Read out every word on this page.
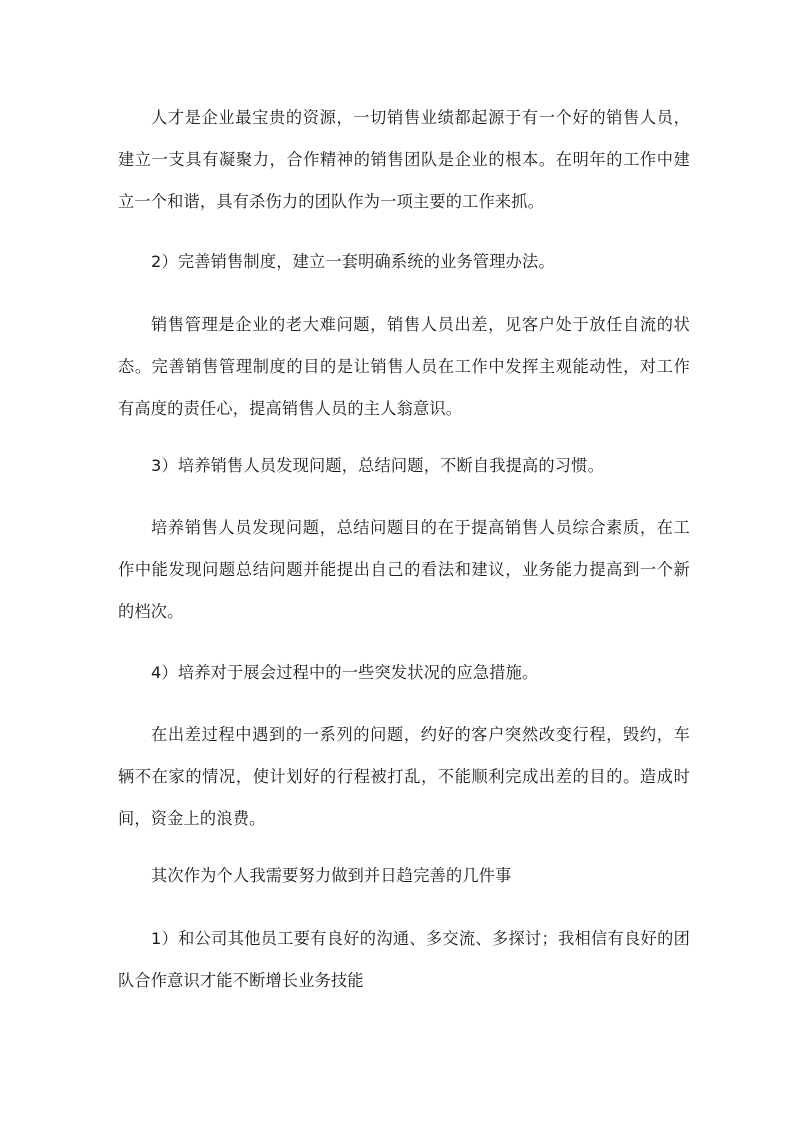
人才是企业最宝贵的资源，一切销售业绩都起源于有一个好的销售人员，建立一支具有凝聚力，合作精神的销售团队是企业的根本。在明年的工作中建立一个和谐，具有杀伤力的团队作为一项主要的工作来抓。

2）完善销售制度，建立一套明确系统的业务管理办法。

销售管理是企业的老大难问题，销售人员出差，见客户处于放任自流的状态。完善销售管理制度的目的是让销售人员在工作中发挥主观能动性，对工作有高度的责任心，提高销售人员的主人翁意识。

3）培养销售人员发现问题，总结问题，不断自我提高的习惯。

培养销售人员发现问题，总结问题目的在于提高销售人员综合素质，在工作中能发现问题总结问题并能提出自己的看法和建议，业务能力提高到一个新的档次。

4）培养对于展会过程中的一些突发状况的应急措施。

在出差过程中遇到的一系列的问题，约好的客户突然改变行程，毁约，车辆不在家的情况，使计划好的行程被打乱，不能顺利完成出差的目的。造成时间，资金上的浪费。

其次作为个人我需要努力做到并日趋完善的几件事

1）和公司其他员工要有良好的沟通、多交流、多探讨；我相信有良好的团队合作意识才能不断增长业务技能
